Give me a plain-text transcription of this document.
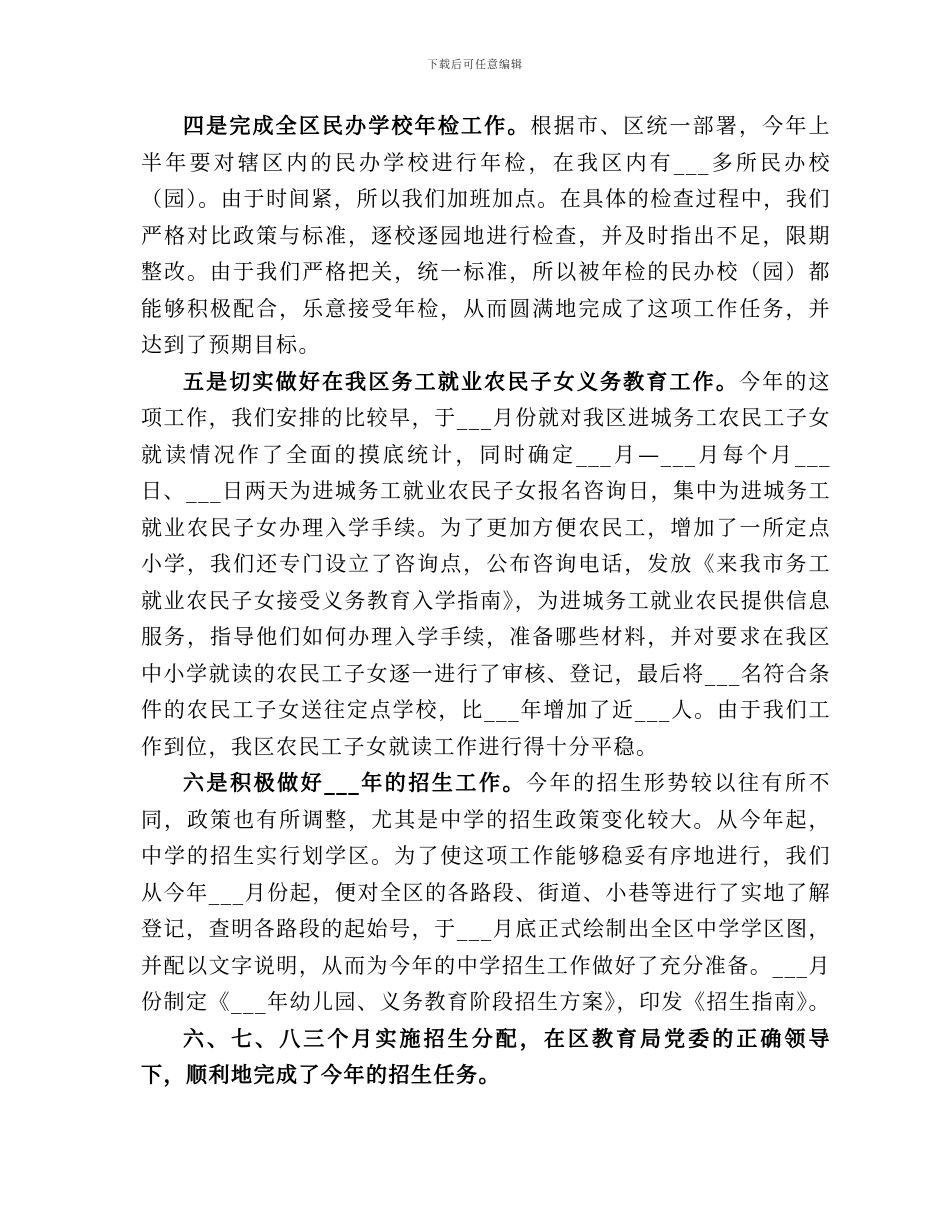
下载后可任意编辑

四是完成全区民办学校年检工作。根据市、区统一部署，今年上半年要对辖区内的民办学校进行年检，在我区内有___多所民办校（园）。由于时间紧，所以我们加班加点。在具体的检查过程中，我们严格对比政策与标准，逐校逐园地进行检查，并及时指出不足，限期整改。由于我们严格把关，统一标准，所以被年检的民办校（园）都能够积极配合，乐意接受年检，从而圆满地完成了这项工作任务，并达到了预期目标。

五是切实做好在我区务工就业农民子女义务教育工作。今年的这项工作，我们安排的比较早，于___月份就对我区进城务工农民工子女就读情况作了全面的摸底统计，同时确定___月—___月每个月___日、___日两天为进城务工就业农民子女报名咨询日，集中为进城务工就业农民子女办理入学手续。为了更加方便农民工，增加了一所定点小学，我们还专门设立了咨询点，公布咨询电话，发放《来我市务工就业农民子女接受义务教育入学指南》，为进城务工就业农民提供信息服务，指导他们如何办理入学手续，准备哪些材料，并对要求在我区中小学就读的农民工子女逐一进行了审核、登记，最后将___名符合条件的农民工子女送往定点学校，比___年增加了近___人。由于我们工作到位，我区农民工子女就读工作进行得十分平稳。

六是积极做好___年的招生工作。今年的招生形势较以往有所不同，政策也有所调整，尤其是中学的招生政策变化较大。从今年起，中学的招生实行划学区。为了使这项工作能够稳妥有序地进行，我们从今年___月份起，便对全区的各路段、街道、小巷等进行了实地了解登记，查明各路段的起始号，于___月底正式绘制出全区中学学区图，并配以文字说明，从而为今年的中学招生工作做好了充分准备。___月份制定《___年幼儿园、义务教育阶段招生方案》，印发《招生指南》。

六、七、八三个月实施招生分配，在区教育局党委的正确领导下，顺利地完成了今年的招生任务。
